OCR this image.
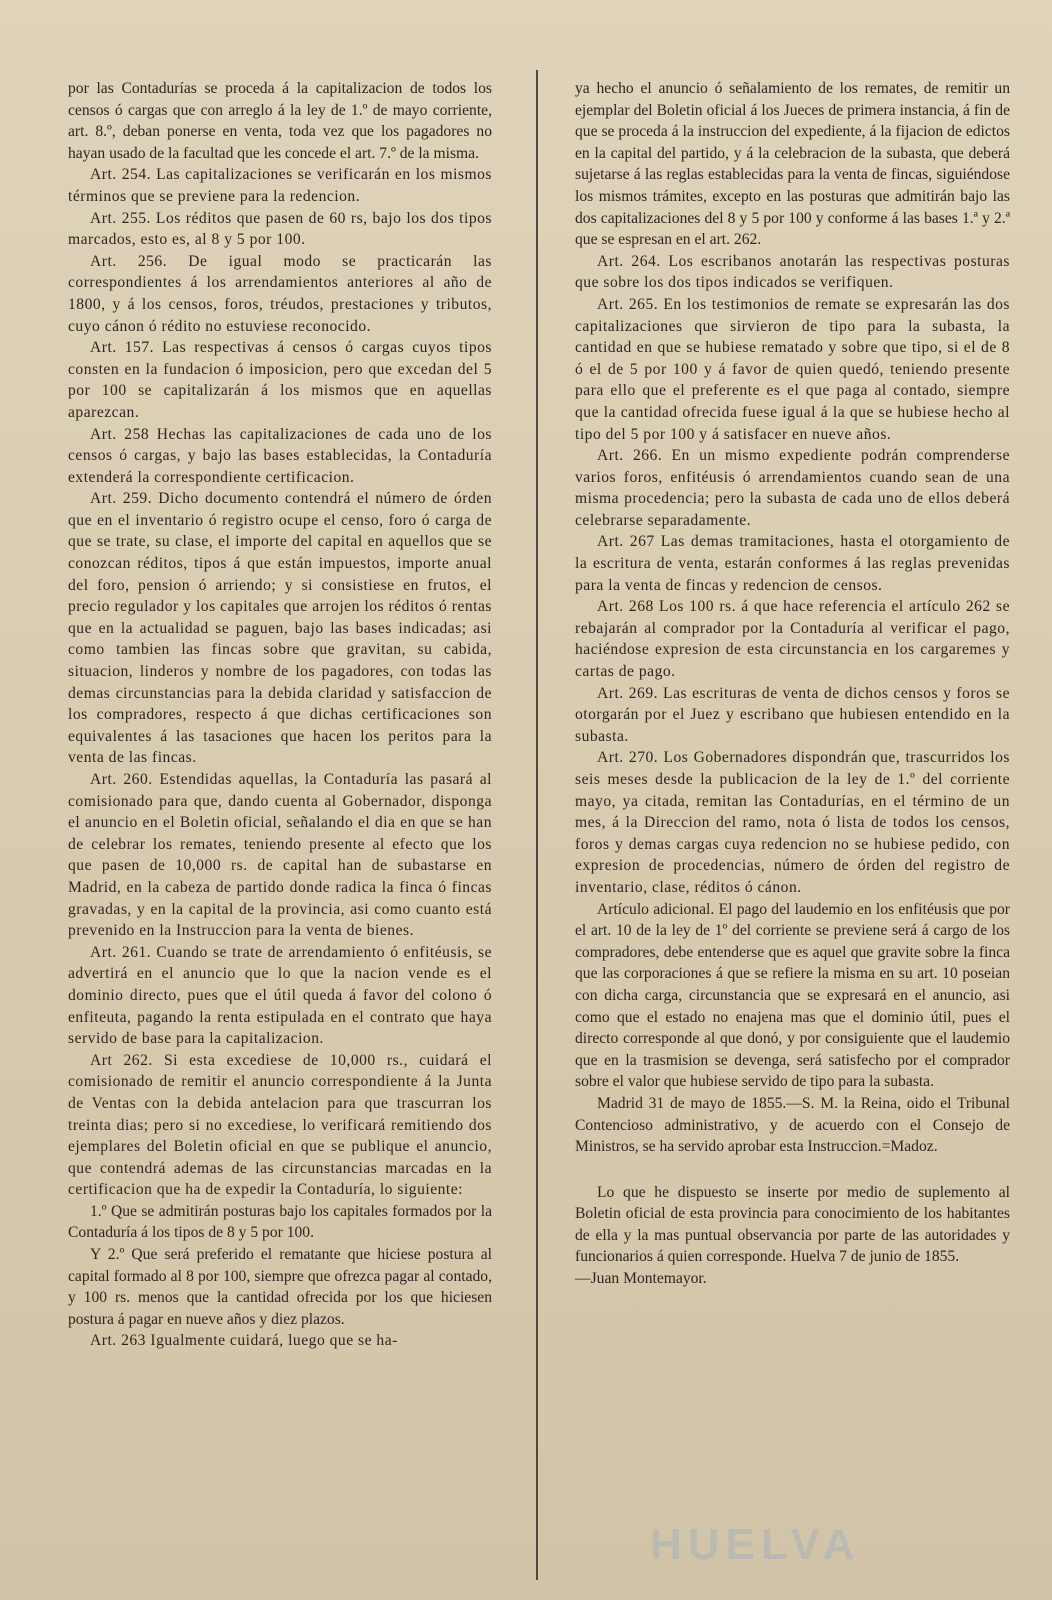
por las Contadurías se proceda á la capitalizacion de todos los censos ó cargas que con arreglo á la ley de 1.º de mayo corriente, art. 8.º, deban ponerse en venta, toda vez que los pagadores no hayan usado de la facultad que les concede el art. 7.º de la misma.

Art. 254. Las capitalizaciones se verificarán en los mismos términos que se previene para la redencion.

Art. 255. Los réditos que pasen de 60 rs, bajo los dos tipos marcados, esto es, al 8 y 5 por 100.

Art. 256. De igual modo se practicarán las correspondientes á los arrendamientos anteriores al año de 1800, y á los censos, foros, tréudos, prestaciones y tributos, cuyo cánon ó rédito no estuviese reconocido.

Art. 157. Las respectivas á censos ó cargas cuyos tipos consten en la fundacion ó imposicion, pero que excedan del 5 por 100 se capitalizarán á los mismos que en aquellas aparezcan.

Art. 258 Hechas las capitalizaciones de cada uno de los censos ó cargas, y bajo las bases establecidas, la Contaduría extenderá la correspondiente certificacion.

Art. 259. Dicho documento contendrá el número de órden que en el inventario ó registro ocupe el censo, foro ó carga de que se trate, su clase, el importe del capital en aquellos que se conozcan réditos, tipos á que están impuestos, importe anual del foro, pension ó arriendo; y si consistiese en frutos, el precio regulador y los capitales que arrojen los réditos ó rentas que en la actualidad se paguen, bajo las bases indicadas; asi como tambien las fincas sobre que gravitan, su cabida, situacion, linderos y nombre de los pagadores, con todas las demas circunstancias para la debida claridad y satisfaccion de los compradores, respecto á que dichas certificaciones son equivalentes á las tasaciones que hacen los peritos para la venta de las fincas.

Art. 260. Estendidas aquellas, la Contaduría las pasará al comisionado para que, dando cuenta al Gobernador, disponga el anuncio en el Boletin oficial, señalando el dia en que se han de celebrar los remates, teniendo presente al efecto que los que pasen de 10,000 rs. de capital han de subastarse en Madrid, en la cabeza de partido donde radica la finca ó fincas gravadas, y en la capital de la provincia, asi como cuanto está prevenido en la Instruccion para la venta de bienes.

Art. 261. Cuando se trate de arrendamiento ó enfitéusis, se advertirá en el anuncio que lo que la nacion vende es el dominio directo, pues que el útil queda á favor del colono ó enfiteuta, pagando la renta estipulada en el contrato que haya servido de base para la capitalizacion.

Art 262. Si esta excediese de 10,000 rs., cuidará el comisionado de remitir el anuncio correspondiente á la Junta de Ventas con la debida antelacion para que trascurran los treinta dias; pero si no excediese, lo verificará remitiendo dos ejemplares del Boletin oficial en que se publique el anuncio, que contendrá ademas de las circunstancias marcadas en la certificacion que ha de expedir la Contaduría, lo siguiente:

1.º Que se admitirán posturas bajo los capitales formados por la Contaduría á los tipos de 8 y 5 por 100.

Y 2.º Que será preferido el rematante que hiciese postura al capital formado al 8 por 100, siempre que ofrezca pagar al contado, y 100 rs. menos que la cantidad ofrecida por los que hiciesen postura á pagar en nueve años y diez plazos.

Art. 263 Igualmente cuidará, luego que se ha-

ya hecho el anuncio ó señalamiento de los remates, de remitir un ejemplar del Boletin oficial á los Jueces de primera instancia, á fin de que se proceda á la instruccion del expediente, á la fijacion de edictos en la capital del partido, y á la celebracion de la subasta, que deberá sujetarse á las reglas establecidas para la venta de fincas, siguiéndose los mismos trámites, excepto en las posturas que admitirán bajo las dos capitalizaciones del 8 y 5 por 100 y conforme á las bases 1.ª y 2.ª que se espresan en el art. 262.

Art. 264. Los escribanos anotarán las respectivas posturas que sobre los dos tipos indicados se verifiquen.

Art. 265. En los testimonios de remate se expresarán las dos capitalizaciones que sirvieron de tipo para la subasta, la cantidad en que se hubiese rematado y sobre que tipo, si el de 8 ó el de 5 por 100 y á favor de quien quedó, teniendo presente para ello que el preferente es el que paga al contado, siempre que la cantidad ofrecida fuese igual á la que se hubiese hecho al tipo del 5 por 100 y á satisfacer en nueve años.

Art. 266. En un mismo expediente podrán comprenderse varios foros, enfitéusis ó arrendamientos cuando sean de una misma procedencia; pero la subasta de cada uno de ellos deberá celebrarse separadamente.

Art. 267 Las demas tramitaciones, hasta el otorgamiento de la escritura de venta, estarán conformes á las reglas prevenidas para la venta de fincas y redencion de censos.

Art. 268 Los 100 rs. á que hace referencia el artículo 262 se rebajarán al comprador por la Contaduría al verificar el pago, haciéndose expresion de esta circunstancia en los cargaremes y cartas de pago.

Art. 269. Las escrituras de venta de dichos censos y foros se otorgarán por el Juez y escribano que hubiesen entendido en la subasta.

Art. 270. Los Gobernadores dispondrán que, trascurridos los seis meses desde la publicacion de la ley de 1.º del corriente mayo, ya citada, remitan las Contadurías, en el término de un mes, á la Direccion del ramo, nota ó lista de todos los censos, foros y demas cargas cuya redencion no se hubiese pedido, con expresion de procedencias, número de órden del registro de inventario, clase, réditos ó cánon.

Artículo adicional. El pago del laudemio en los enfitéusis que por el art. 10 de la ley de 1º del corriente se previene será á cargo de los compradores, debe entenderse que es aquel que gravite sobre la finca que las corporaciones á que se refiere la misma en su art. 10 poseian con dicha carga, circunstancia que se expresará en el anuncio, asi como que el estado no enajena mas que el dominio útil, pues el directo corresponde al que donó, y por consiguiente que el laudemio que en la trasmision se devenga, será satisfecho por el comprador sobre el valor que hubiese servido de tipo para la subasta.

Madrid 31 de mayo de 1855.—S. M. la Reina, oido el Tribunal Contencioso administrativo, y de acuerdo con el Consejo de Ministros, se ha servido aprobar esta Instruccion.=Madoz.

Lo que he dispuesto se inserte por medio de suplemento al Boletin oficial de esta provincia para conocimiento de los habitantes de ella y la mas puntual observancia por parte de las autoridades y funcionarios á quien corresponde. Huelva 7 de junio de 1855.

—Juan Montemayor.

HUELVA
